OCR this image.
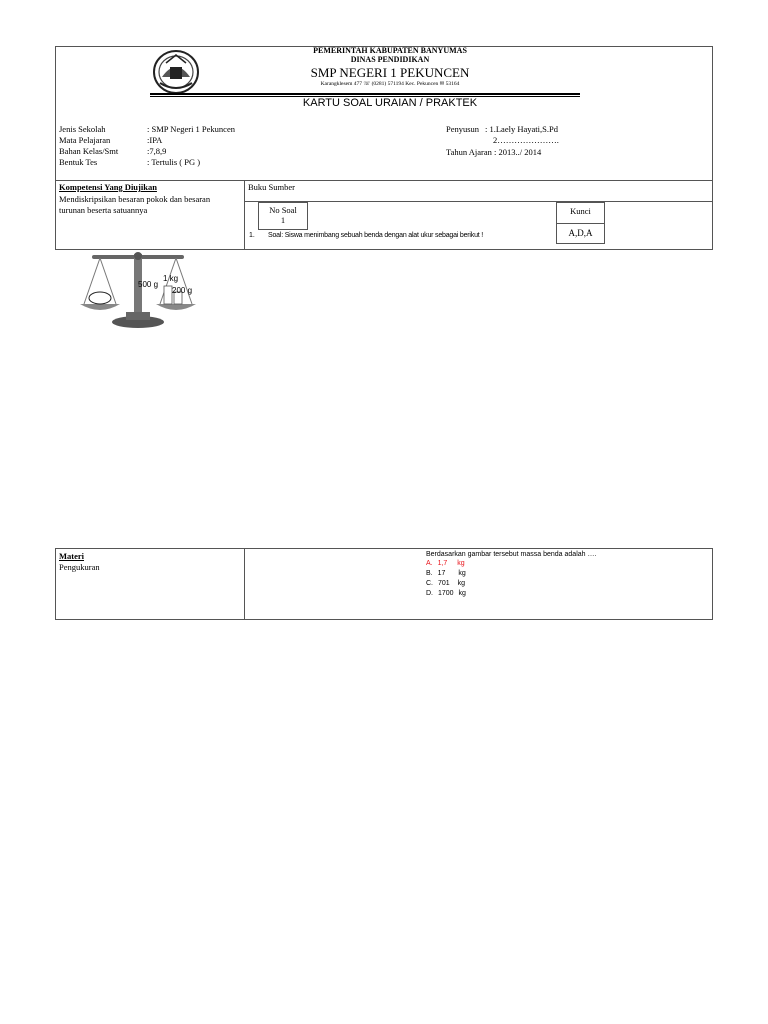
PEMERINTAH KABUPATEN BANYUMAS
DINAS PENDIDIKAN
SMP NEGERI 1 PEKUNCEN
Karangklesem 477 ☏ (0281) 571194 Kec. Pekuncen ✉ 53164
KARTU SOAL URAIAN / PRAKTEK
Jenis Sekolah	: SMP Negeri 1 Pekuncen
Mata Pelajaran	:IPA
Bahan Kelas/Smt	:7,8,9
Bentuk Tes	: Tertulis ( PG )
Penyusun : 1.Laely Hayati,S.Pd
2………………….
Tahun Ajaran : 2013../ 2014
Kompetensi Yang Diujikan
Mendiskripsikan besaran pokok dan besaran
turunan beserta satuannya
Buku Sumber
No Soal
1
Kunci
A,D,A
1. Soal: Siswa menimbang sebuah benda dengan alat ukur sebagai berikut !
500 g
1 kg
200 g
Materi
Pengukuran
Berdasarkan gambar tersebut massa benda adalah ….
A. 1,7 kg
B. 17 kg
C. 701 kg
D. 1700 kg
